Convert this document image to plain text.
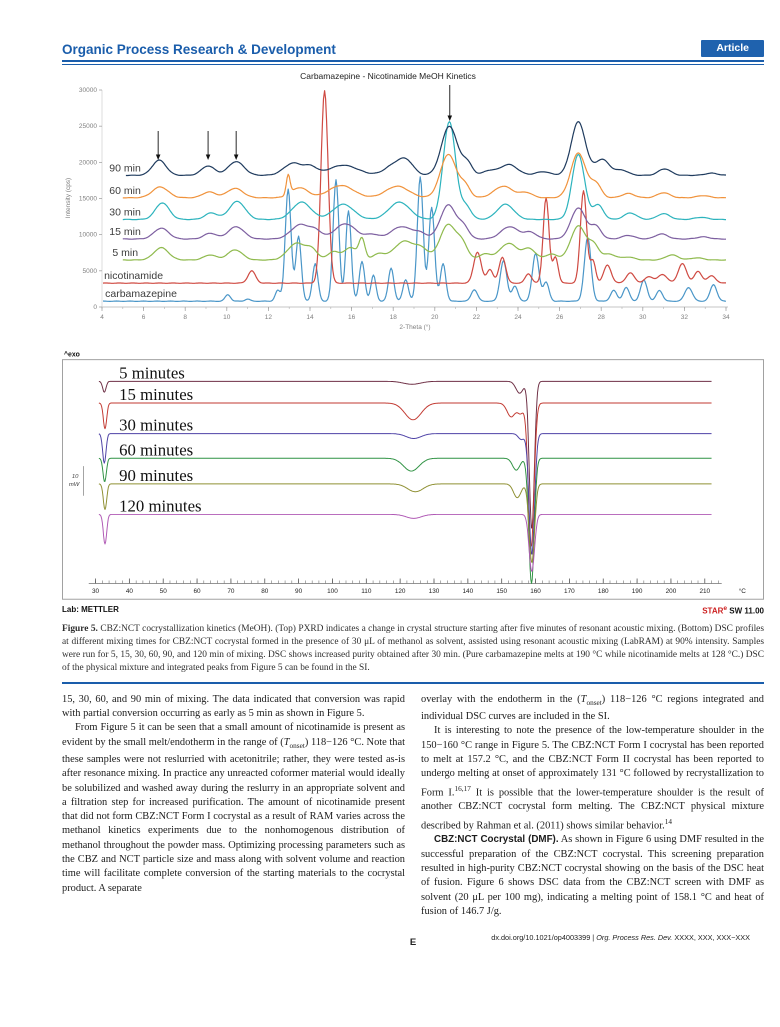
Organic Process Research & Development	Article
Carbamazepine - Nicotinamide MeOH Kinetics
4	6	8	10	12	14	16	18	20	22	24	26	28	30	32	34
0
5000
10000
15000
20000
25000
30000
2-Theta (°)
Intensity (cps)
carbamazepine
nicotinamide
5 min
15 min
30 min
60 min
90 min
^exo
10
mW
30	40	50	60	70	80	90	100	110	120	130	140	150	160	170	180	190	200	210	°C
5 minutes
15 minutes
30 minutes
60 minutes
90 minutes
120 minutes
Lab: METTLER	STAR$^e$ SW 11.00

Figure 5. CBZ:NCT cocrystallization kinetics (MeOH). (Top) PXRD indicates a change in crystal structure starting after five minutes of resonant acoustic mixing. (Bottom) DSC profiles at different mixing times for CBZ:NCT cocrystal formed in the presence of 30 μL of methanol as solvent, assisted using resonant acoustic mixing (LabRAM) at 90% intensity. Samples were run for 5, 15, 30, 60, 90, and 120 min of mixing. DSC shows increased purity obtained after 30 min. (Pure carbamazepine melts at 190 °C while nicotinamide melts at 128 °C.) DSC of the physical mixture and integrated peaks from Figure 5 can be found in the SI.

15, 30, 60, and 90 min of mixing. The data indicated that conversion was rapid with partial conversion occurring as early as 5 min as shown in Figure 5.

From Figure 5 it can be seen that a small amount of nicotinamide is present as evident by the small melt/endotherm in the range of $(T_{onset})$ 118−126 °C. Note that these samples were not reslurried with acetonitrile; rather, they were tested as-is after resonance mixing. In practice any unreacted coformer material would ideally be solubilized and washed away during the reslurry in an appropriate solvent and a filtration step for increased purification. The amount of nicotinamide present that did not form CBZ:NCT Form I cocrystal as a result of RAM varies across the methanol kinetics experiments due to the nonhomogenous distribution of methanol throughout the powder mass. Optimizing processing parameters such as the CBZ and NCT particle size and mass along with solvent volume and reaction time will facilitate complete conversion of the starting materials to the cocrystal product. A separate

overlay with the endotherm in the $(T_{onset})$ 118−126 °C regions integrated and individual DSC curves are included in the SI.

It is interesting to note the presence of the low-temperature shoulder in the 150−160 °C range in Figure 5. The CBZ:NCT Form I cocrystal has been reported to melt at 157.2 °C, and the CBZ:NCT Form II cocrystal has been reported to undergo melting at onset of approximately 131 °C followed by recrystallization to Form I.$^{16,17}$ It is possible that the lower-temperature shoulder is the result of another CBZ:NCT cocrystal form melting. The CBZ:NCT physical mixture described by Rahman et al. (2011) shows similar behavior.$^{14}$

CBZ:NCT Cocrystal (DMF). As shown in Figure 6 using DMF resulted in the successful preparation of the CBZ:NCT cocrystal. This screening preparation resulted in high-purity CBZ:NCT cocrystal showing on the basis of the DSC heat of fusion. Figure 6 shows DSC data from the CBZ:NCT screen with DMF as solvent (20 μL per 100 mg), indicating a melting point of 158.1 °C and heat of fusion of 146.7 J/g.

E	dx.doi.org/10.1021/op4003399 | Org. Process Res. Dev. XXXX, XXX, XXX−XXX
